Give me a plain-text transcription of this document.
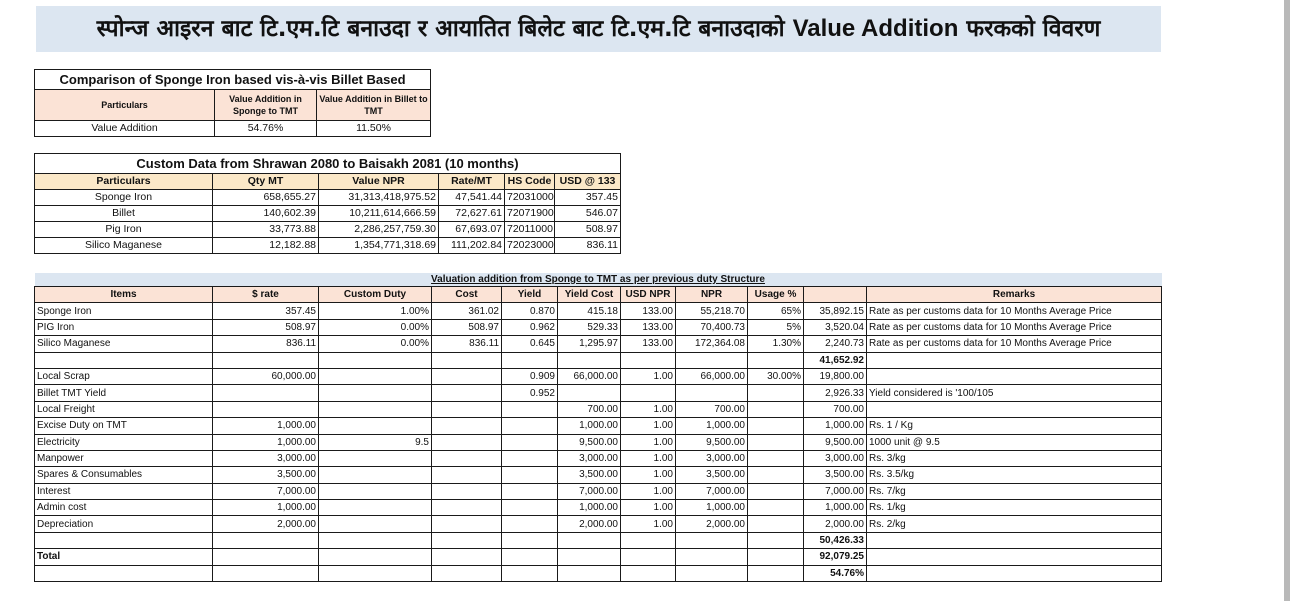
स्पोन्ज आइरन बाट टि.एम.टि बनाउदा र आयातित बिलेट बाट टि.एम.टि बनाउदाको Value Addition फरकको विवरण
Comparison of Sponge Iron based vis-à-vis Billet Based		
Particulars	Value Addition in Sponge to TMT	Value Addition in Billet to TMT
Value Addition	54.76%	11.50%
Custom Data from Shrawan 2080 to Baisakh 2081 (10 months)					
Particulars	Qty MT	Value NPR	Rate/MT	HS Code	USD @ 133
Sponge Iron	658,655.27	31,313,418,975.52	47,541.44	72031000	357.45
Billet	140,602.39	10,211,614,666.59	72,627.61	72071900	546.07
Pig Iron	33,773.88	2,286,257,759.30	67,693.07	72011000	508.97
Silico Maganese	12,182.88	1,354,771,318.69	111,202.84	72023000	836.11
Valuation addition from Sponge to TMT as per previous duty Structure										
Items	$ rate	Custom Duty	Cost	Yield	Yield Cost	USD NPR	NPR	Usage %		Remarks
Sponge Iron	357.45	1.00%	361.02	0.870	415.18	133.00	55,218.70	65%	35,892.15	Rate as per customs data for 10 Months Average Price
PIG Iron	508.97	0.00%	508.97	0.962	529.33	133.00	70,400.73	5%	3,520.04	Rate as per customs data for 10 Months Average Price
Silico Maganese	836.11	0.00%	836.11	0.645	1,295.97	133.00	172,364.08	1.30%	2,240.73	Rate as per customs data for 10 Months Average Price
									41,652.92	
Local Scrap	60,000.00			0.909	66,000.00	1.00	66,000.00	30.00%	19,800.00	
Billet TMT Yield				0.952					2,926.33	Yield considered is '100/105
Local Freight					700.00	1.00	700.00		700.00	
Excise Duty on TMT	1,000.00				1,000.00	1.00	1,000.00		1,000.00	Rs. 1 / Kg
Electricity	1,000.00	9.5			9,500.00	1.00	9,500.00		9,500.00	1000 unit @ 9.5
Manpower	3,000.00				3,000.00	1.00	3,000.00		3,000.00	Rs. 3/kg
Spares & Consumables	3,500.00				3,500.00	1.00	3,500.00		3,500.00	Rs. 3.5/kg
Interest	7,000.00				7,000.00	1.00	7,000.00		7,000.00	Rs. 7/kg
Admin cost	1,000.00				1,000.00	1.00	1,000.00		1,000.00	Rs. 1/kg
Depreciation	2,000.00				2,000.00	1.00	2,000.00		2,000.00	Rs. 2/kg
									50,426.33	
Total									92,079.25	
									54.76%	
